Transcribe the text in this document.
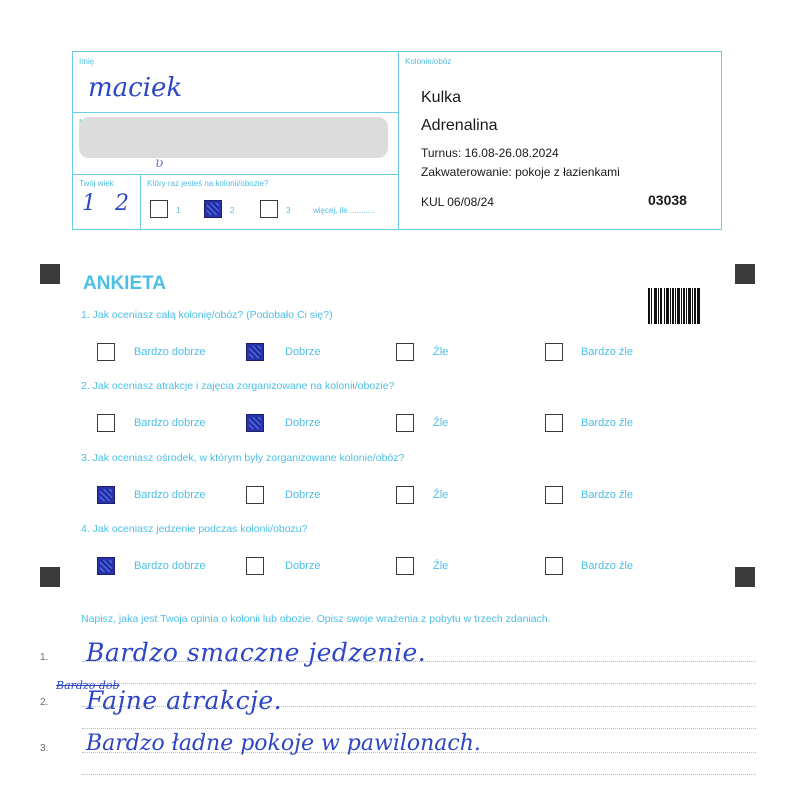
Imię
maciek
ʋ
Twój wiek
1 2
Który raz jesteś na kolonii/obozie?
1	2	3	więcej, ile ...........
Kolonie/obóz
Kulka
Adrenalina
Turnus: 16.08-26.08.2024
Zakwaterowanie: pokoje z łazienkami
KUL 06/08/24	03038
ANKIETA
1. Jak oceniasz całą kolonię/obóz? (Podobało Ci się?)
Bardzo dobrze	Dobrze	Źle	Bardzo źle
2. Jak oceniasz atrakcje i zajęcia zorganizowane na kolonii/obozie?
Bardzo dobrze	Dobrze	Źle	Bardzo źle
3. Jak oceniasz ośrodek, w którym były zorganizowane kolonie/obóz?
Bardzo dobrze	Dobrze	Źle	Bardzo źle
4. Jak oceniasz jedzenie podczas kolonii/obozu?
Bardzo dobrze	Dobrze	Źle	Bardzo źle
Napisz, jaka jest Twoja opinia o kolonii lub obozie. Opisz swoje wrażenia z pobytu w trzech zdaniach.
1. Bardzo smaczne jedzenie.
2.
Bardzo dob
Fajne atrakcje.
3. Bardzo ładne pokoje w pawilonach.
